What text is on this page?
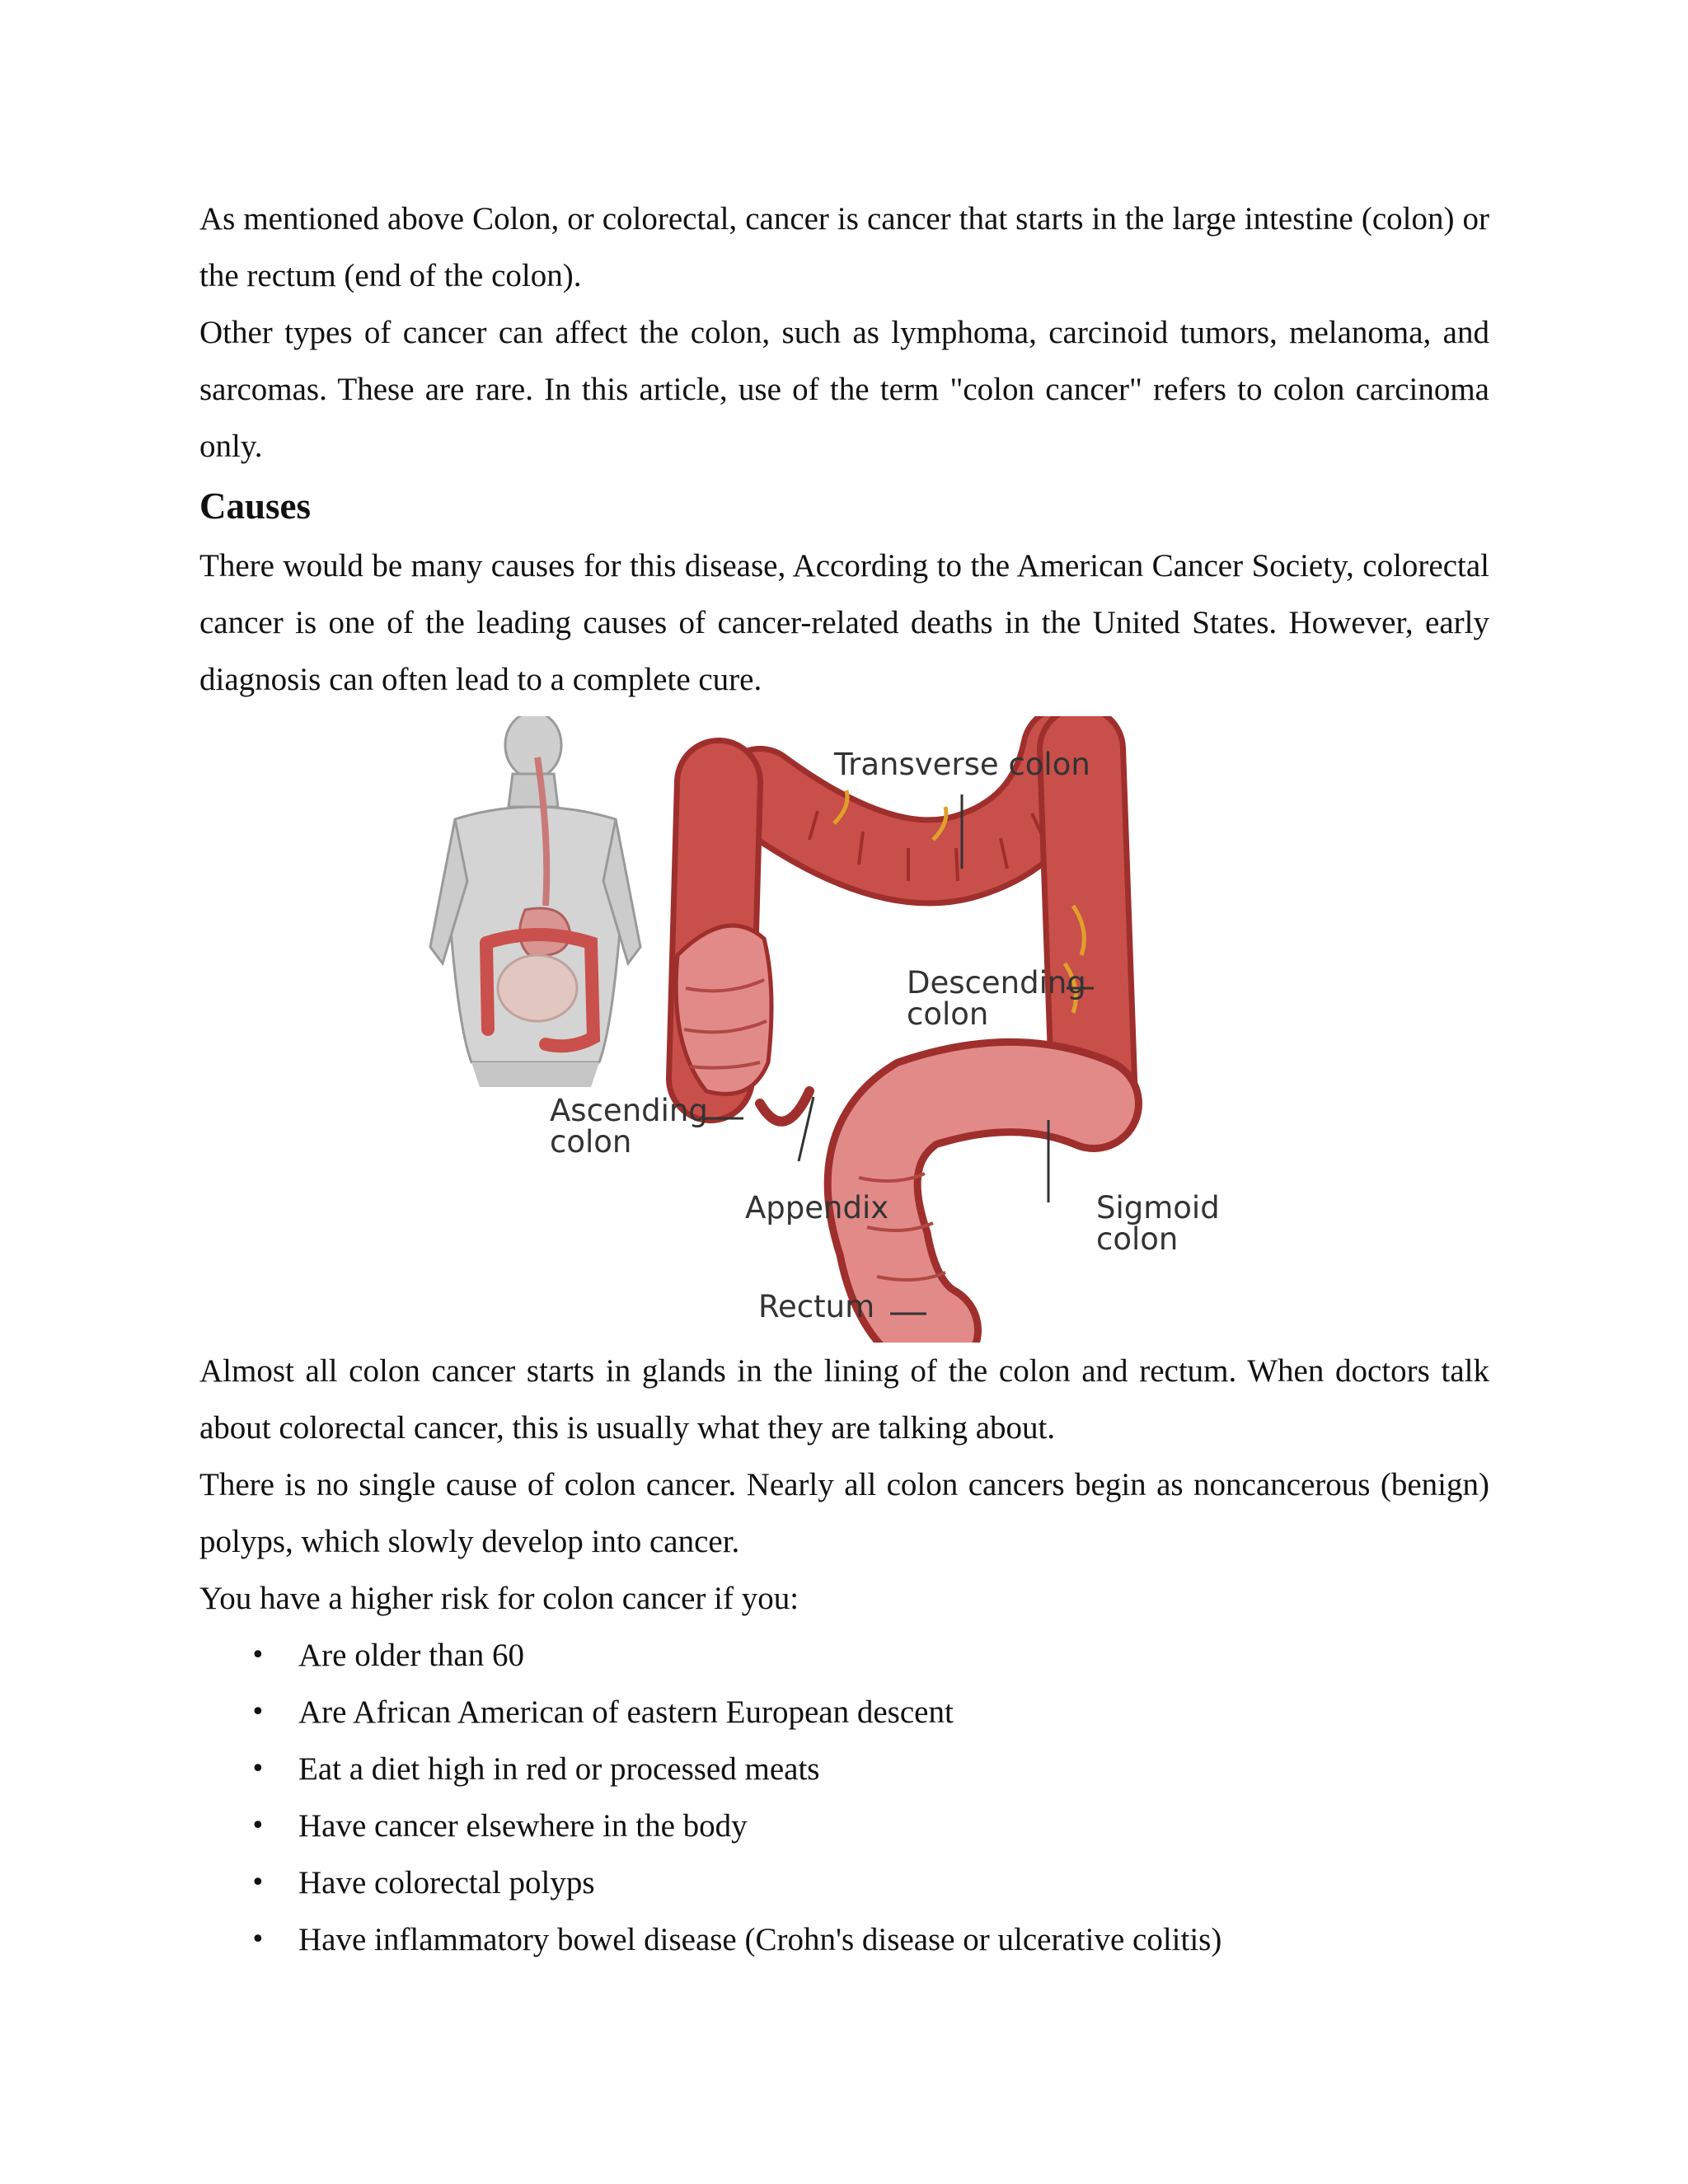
As mentioned above Colon, or colorectal, cancer is cancer that starts in the large intestine (colon) or the rectum (end of the colon).

Other types of cancer can affect the colon, such as lymphoma, carcinoid tumors, melanoma, and sarcomas. These are rare. In this article, use of the term "colon cancer" refers to colon carcinoma only.

Causes

There would be many causes for this disease, According to the American Cancer Society, colorectal cancer is one of the leading causes of cancer-related deaths in the United States. However, early diagnosis can often lead to a complete cure.

Transverse colon
Descending
colon
Ascending
colon
Appendix	Sigmoid
colon
Rectum

Almost all colon cancer starts in glands in the lining of the colon and rectum. When doctors talk about colorectal cancer, this is usually what they are talking about.

There is no single cause of colon cancer. Nearly all colon cancers begin as noncancerous (benign) polyps, which slowly develop into cancer.

You have a higher risk for colon cancer if you:

• Are older than 60
• Are African American of eastern European descent
• Eat a diet high in red or processed meats
• Have cancer elsewhere in the body
• Have colorectal polyps
• Have inflammatory bowel disease (Crohn's disease or ulcerative colitis)
